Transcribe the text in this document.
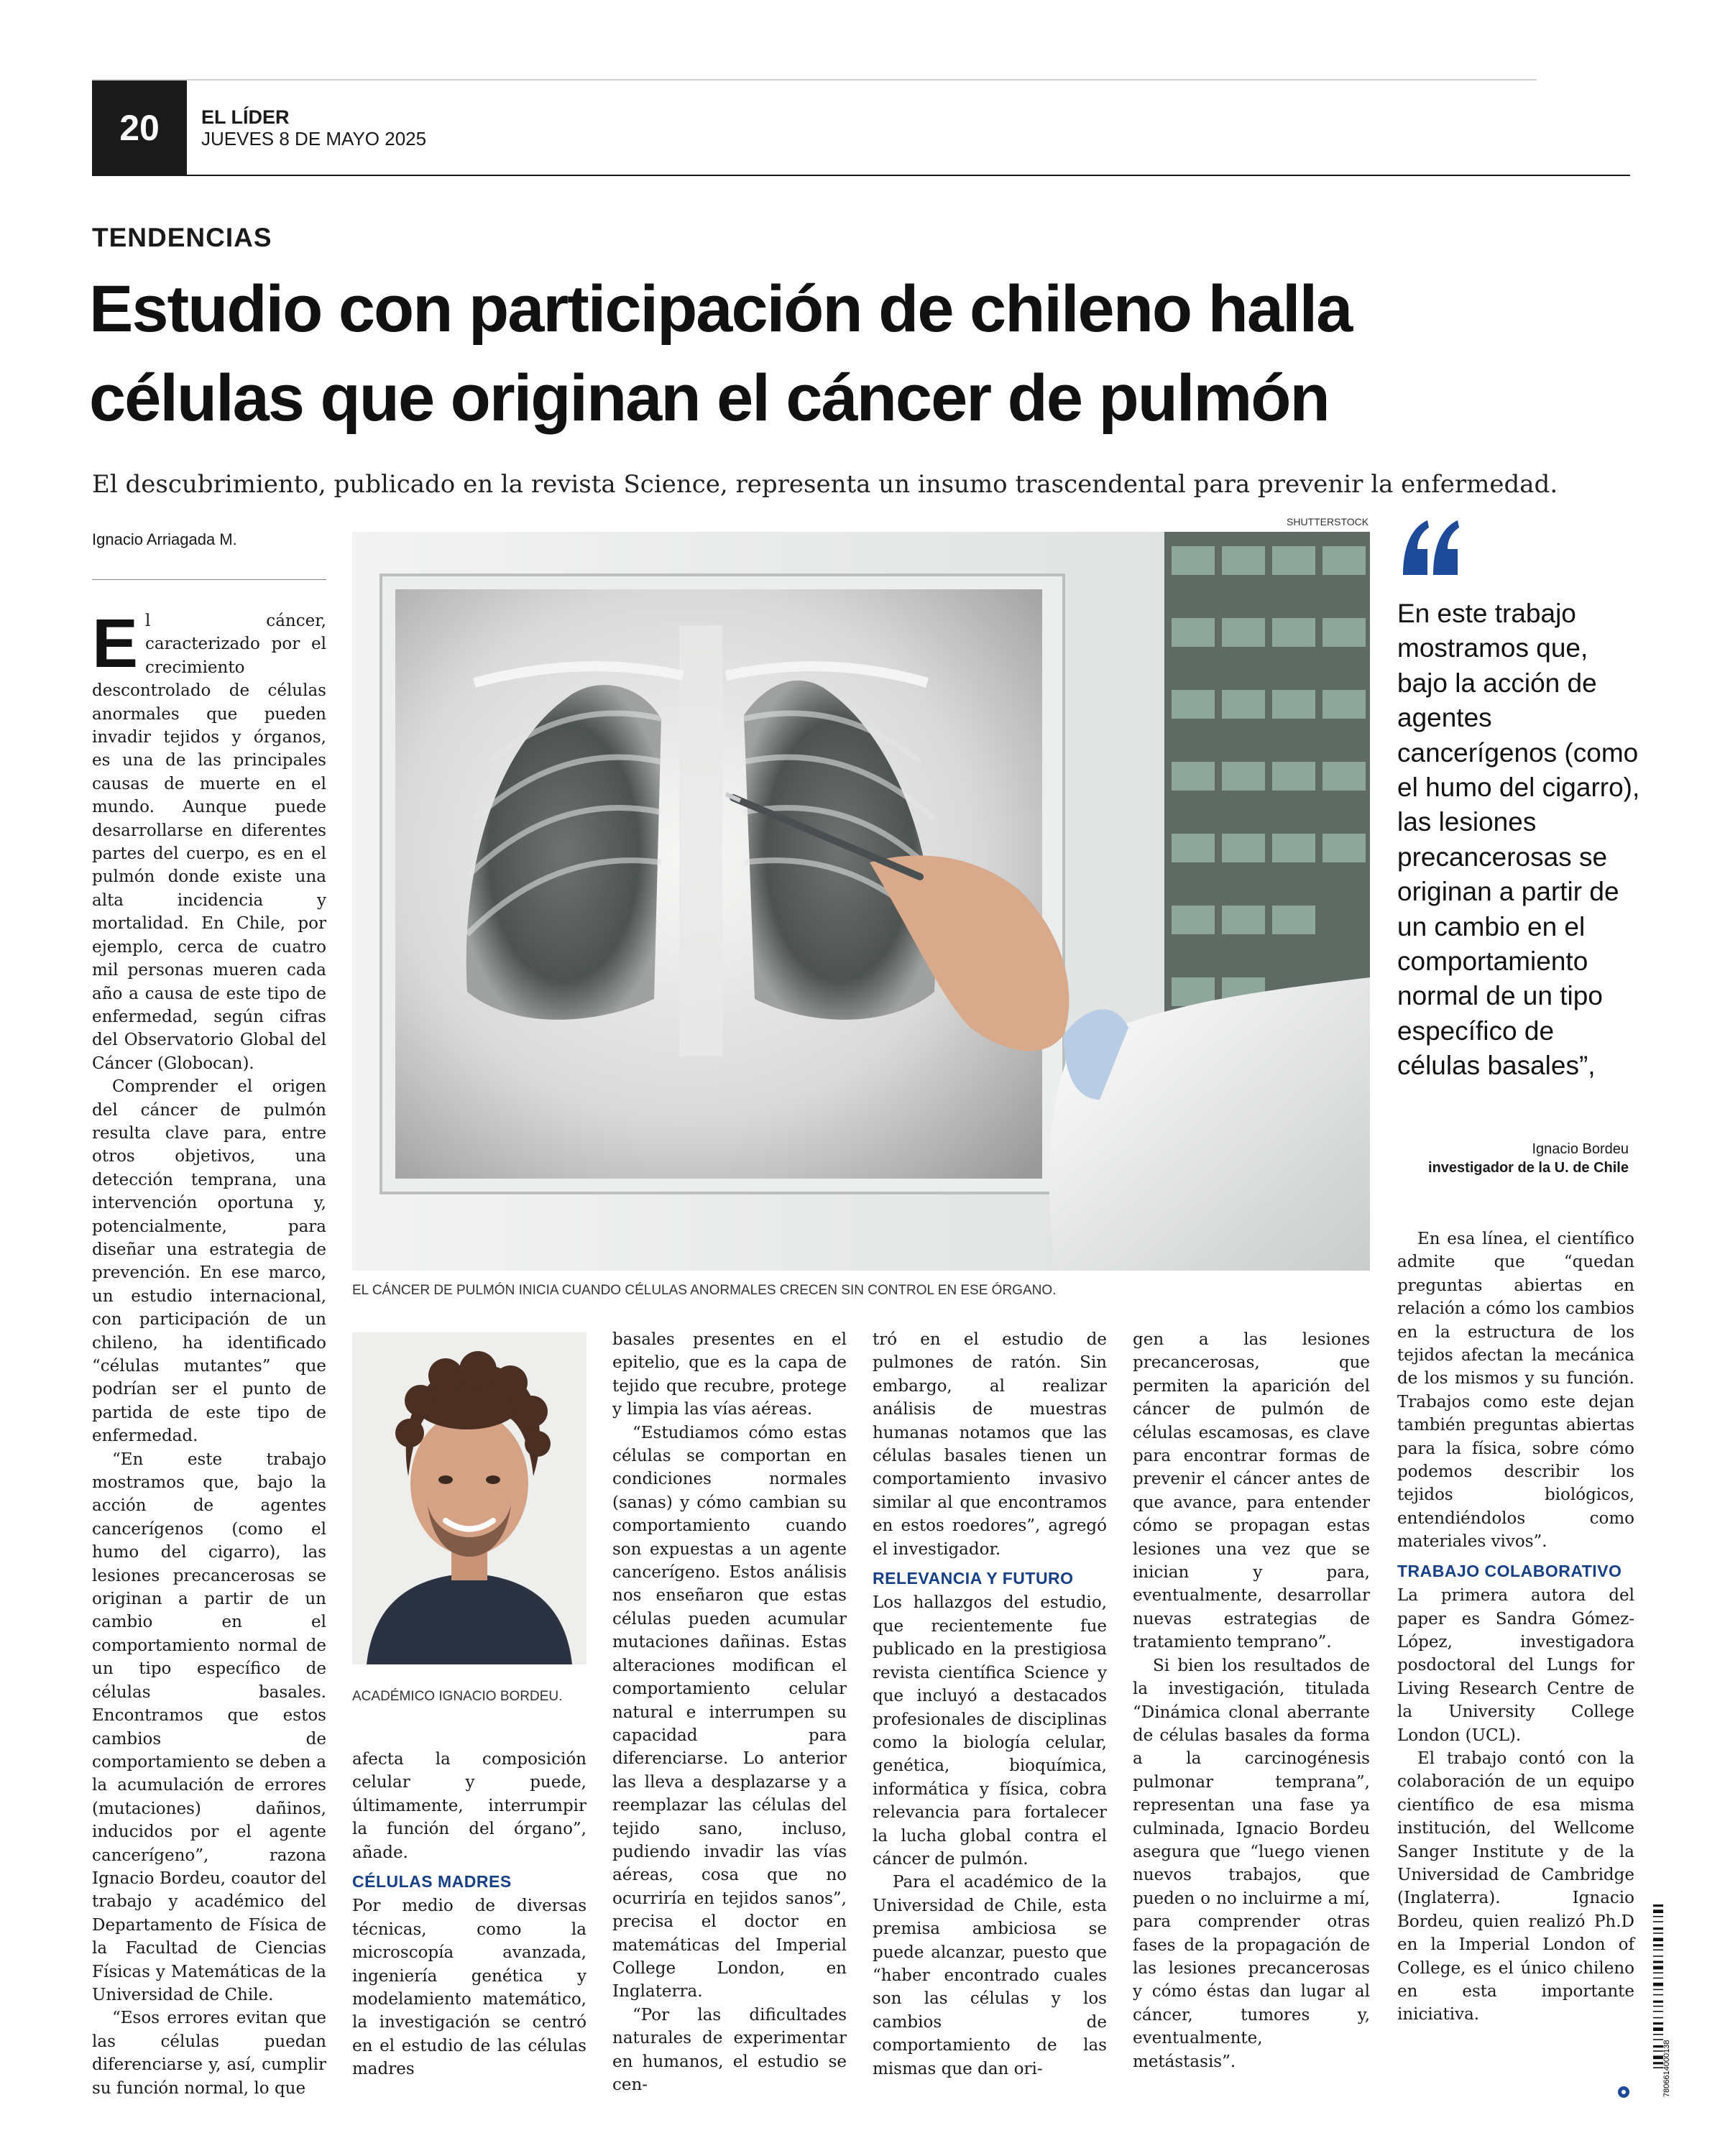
20	EL LÍDER
JUEVES 8 DE MAYO 2025
TENDENCIAS
Estudio con participación de chileno halla
células que originan el cáncer de pulmón
El descubrimiento, publicado en la revista Science, representa un insumo trascendental para prevenir la enfermedad.
Ignacio Arriagada M.
SHUTTERSTOCK

El cáncer, caracterizado por el crecimiento descontrolado de células anormales que pueden invadir tejidos y órganos, es una de las principales causas de muerte en el mundo. Aunque puede desarrollarse en diferentes partes del cuerpo, es en el pulmón donde existe una alta incidencia y mortalidad. En Chile, por ejemplo, cerca de cuatro mil personas mueren cada año a causa de este tipo de enfermedad, según cifras del Observatorio Global del Cáncer (Globocan).

Comprender el origen del cáncer de pulmón resulta clave para, entre otros objetivos, una detección temprana, una intervención oportuna y, potencialmente, para diseñar una estrategia de prevención. En ese marco, un estudio internacional, con participación de un chileno, ha identificado “células mutantes” que podrían ser el punto de partida de este tipo de enfermedad.

“En este trabajo mostramos que, bajo la acción de agentes cancerígenos (como el humo del cigarro), las lesiones precancerosas se originan a partir de un cambio en el comportamiento normal de un tipo específico de células basales. Encontramos que estos cambios de comportamiento se deben a la acumulación de errores (mutaciones) dañinos, inducidos por el agente cancerígeno”, razona Ignacio Bordeu, coautor del trabajo y académico del Departamento de Física de la Facultad de Ciencias Físicas y Matemáticas de la Universidad de Chile.

“Esos errores evitan que las células puedan diferenciarse y, así, cumplir su función normal, lo que

EL CÁNCER DE PULMÓN INICIA CUANDO CÉLULAS ANORMALES CRECEN SIN CONTROL EN ESE ÓRGANO.
ACADÉMICO IGNACIO BORDEU.

afecta la composición celular y puede, últimamente, interrumpir la función del órgano”, añade.

CÉLULAS MADRES

Por medio de diversas técnicas, como la microscopía avanzada, ingeniería genética y modelamiento matemático, la investigación se centró en el estudio de las células madres

basales presentes en el epitelio, que es la capa de tejido que recubre, protege y limpia las vías aéreas.

“Estudiamos cómo estas células se comportan en condiciones normales (sanas) y cómo cambian su comportamiento cuando son expuestas a un agente cancerígeno. Estos análisis nos enseñaron que estas células pueden acumular mutaciones dañinas. Estas alteraciones modifican el comportamiento celular natural e interrumpen su capacidad para diferenciarse. Lo anterior las lleva a desplazarse y a reemplazar las células del tejido sano, incluso, pudiendo invadir las vías aéreas, cosa que no ocurriría en tejidos sanos”, precisa el doctor en matemáticas del Imperial College London, en Inglaterra.

“Por las dificultades naturales de experimentar en humanos, el estudio se cen-

tró en el estudio de pulmones de ratón. Sin embargo, al realizar análisis de muestras humanas notamos que las células basales tienen un comportamiento invasivo similar al que encontramos en estos roedores”, agregó el investigador.

RELEVANCIA Y FUTURO

Los hallazgos del estudio, que recientemente fue publicado en la prestigiosa revista científica Science y que incluyó a destacados profesionales de disciplinas como la biología celular, genética, bioquímica, informática y física, cobra relevancia para fortalecer la lucha global contra el cáncer de pulmón.

Para el académico de la Universidad de Chile, esta premisa ambiciosa se puede alcanzar, puesto que “haber encontrado cuales son las células y los cambios de comportamiento de las mismas que dan ori-

gen a las lesiones precancerosas, que permiten la aparición del cáncer de pulmón de células escamosas, es clave para encontrar formas de prevenir el cáncer antes de que avance, para entender cómo se propagan estas lesiones una vez que se inician y para, eventualmente, desarrollar nuevas estrategias de tratamiento temprano”.

Si bien los resultados de la investigación, titulada “Dinámica clonal aberrante de células basales da forma a la carcinogénesis pulmonar temprana”, representan una fase ya culminada, Ignacio Bordeu asegura que “luego vienen nuevos trabajos, que pueden o no incluirme a mí, para comprender otras fases de la propagación de las lesiones precancerosas y cómo éstas dan lugar al cáncer, tumores y, eventualmente, metástasis”.

En este trabajo mostramos que, bajo la acción de agentes cancerígenos (como el humo del cigarro), las lesiones precancerosas se originan a partir de un cambio en el comportamiento normal de un tipo específico de células basales”,
Ignacio Bordeu
investigador de la U. de Chile

En esa línea, el científico admite que “quedan preguntas abiertas en relación a cómo los cambios en la estructura de los tejidos afectan la mecánica de los mismos y su función. Trabajos como este dejan también preguntas abiertas para la física, sobre cómo podemos describir los tejidos biológicos, entendiéndolos como materiales vivos”.

TRABAJO COLABORATIVO

La primera autora del paper es Sandra Gómez-López, investigadora posdoctoral del Lungs for Living Research Centre de la University College London (UCL).

El trabajo contó con la colaboración de un equipo científico de esa misma institución, del Wellcome Sanger Institute y de la Universidad de Cambridge (Inglaterra). Ignacio Bordeu, quien realizó Ph.D en la Imperial London of College, es el único chileno en esta importante iniciativa.

7806614000138
